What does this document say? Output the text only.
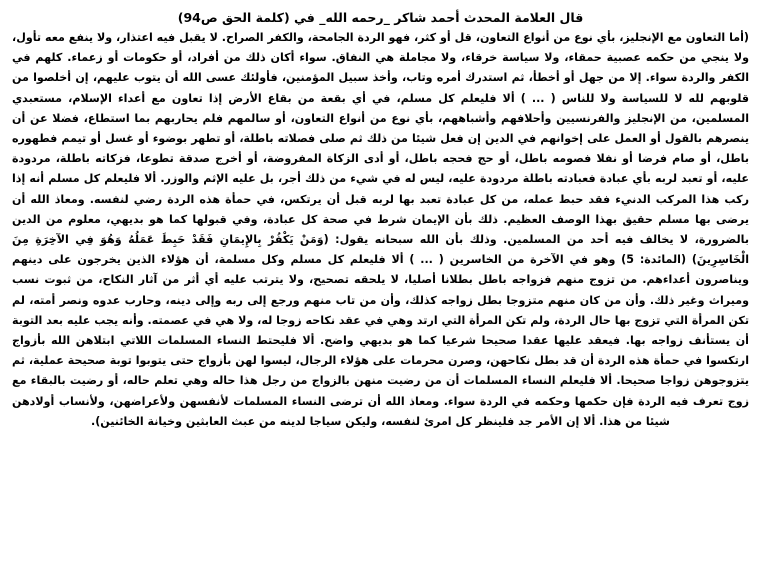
قال العلامة المحدث أحمد شاكر _رحمه الله_ في (كلمة الحق ص94)

(أما التعاون مع الإنجليز، بأي نوع من أنواع التعاون، قل أو كثر، فهو الردة الجامحة، والكفر الصراح. لا يقبل فيه اعتذار، ولا ينفع معه تأول، ولا ينجي من حكمه عصبية حمقاء، ولا سياسة خرقاء، ولا مجاملة هي النفاق. سواء أكان ذلك من أفراد، أو حكومات أو زعماء. كلهم في الكفر والردة سواء. إلا من جهل أو أخطأ، ثم استدرك أمره وتاب، وأخذ سبيل المؤمنين، فأولئك عسى الله أن يتوب عليهم، إن أخلصوا من قلوبهم لله لا للسياسة ولا للناس ( ... ) ألا فليعلم كل مسلم، في أي بقعة من بقاع الأرض إذا تعاون مع أعداء الإسلام، مستعبدي المسلمين، من الإنجليز والفرنسيين وأحلافهم وأشباههم، بأي نوع من أنواع التعاون، أو سالمهم فلم يحاربهم بما استطاع، فضلا عن أن ينصرهم بالقول أو العمل على إخوانهم في الدين إن فعل شيئا من ذلك ثم صلى فصلاته باطلة، أو تطهر بوضوء أو غسل أو تيمم فطهوره باطل، أو صام فرضا أو نفلا فصومه باطل، أو حج فحجه باطل، أو أدى الزكاة المفروضة، أو أخرج صدقة تطوعا، فزكاته باطلة، مردودة عليه، أو تعبد لربه بأي عبادة فعبادته باطلة مردودة عليه، ليس له في شيء من ذلك أجر، بل عليه الإثم والوزر. ألا فليعلم كل مسلم أنه إذا ركب هذا المركب الدنيء فقد حبط عمله، من كل عبادة تعبد بها لربه قبل أن يرتكس، في حمأة هذه الردة رضي لنفسه. ومعاذ الله أن يرضى بها مسلم حقيق بهذا الوصف العظيم. ذلك بأن الإيمان شرط في صحة كل عبادة، وفي قبولها كما هو بديهي، معلوم من الدين بالضرورة، لا يخالف فيه أحد من المسلمين. وذلك بأن الله سبحانه يقول: (وَمَنْ يَكْفُرْ بِالإِيمَانِ فَقَدْ حَبِطَ عَمَلُهُ وَهُوَ فِي الآخِرَةِ مِنَ الْخَاسِرِينَ) (المائدة: 5) وهو في الآخرة من الخاسرين ( ... ) ألا فليعلم كل مسلم وكل مسلمة، أن هؤلاء الذين يخرجون على دينهم ويناصرون أعداءهم. من تزوج منهم فزواجه باطل بطلانا أصليا، لا يلحقه تصحيح، ولا يترتب عليه أي أثر من آثار النكاح، من ثبوت نسب وميراث وغير ذلك. وأن من كان منهم متزوجا بطل زواجه كذلك، وأن من تاب منهم ورجع إلى ربه وإلى دينه، وحارب عدوه ونصر أمته، لم تكن المرأة التي تزوج بها حال الردة، ولم تكن المرأة التي ارتد وهي في عقد نكاحه زوجا له، ولا هي في عصمته. وأنه يجب عليه بعد التوبة أن يستأنف زواجه بها. فيعقد عليها عقدا صحيحا شرعيا كما هو بديهي واضح. ألا فليحتط النساء المسلمات اللاتي ابتلاهن الله بأزواج ارتكسوا في حمأة هذه الردة أن قد بطل نكاحهن، وصرن محرمات على هؤلاء الرجال، ليسوا لهن بأزواج حتى يتوبوا توبة صحيحة عملية، ثم يتزوجوهن زواجا صحيحا. ألا فليعلم النساء المسلمات أن من رضيت منهن بالزواج من رجل هذا حاله وهي تعلم حاله، أو رضيت بالبقاء مع زوج تعرف فيه الردة فإن حكمها وحكمه في الردة سواء. ومعاذ الله أن ترضى النساء المسلمات لأنفسهن ولأعراضهن، ولأنساب أولادهن شيئا من هذا. ألا إن الأمر جد فلينظر كل امرئ لنفسه، وليكن سياجا لدينه من عبث العابثين وخيانة الخائنين).
